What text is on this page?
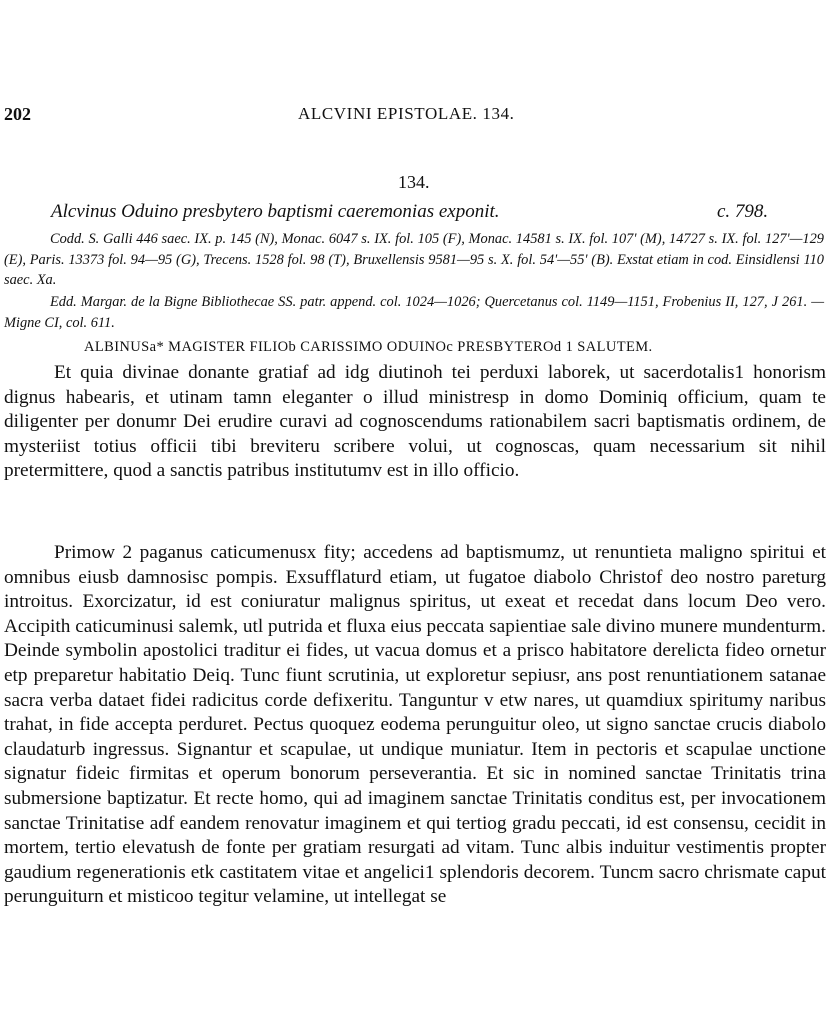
202	ALCVINI EPISTOLAE. 134.
134.
Alcvinus Oduino presbytero baptismi caeremonias exponit.	c. 798.
Codd. S. Galli 446 saec. IX. p. 145 (N), Monac. 6047 s. IX. fol. 105 (F), Monac. 14581 s. IX. fol. 107' (M), 14727 s. IX. fol. 127'—129 (E), Paris. 13373 fol. 94—95 (G), Trecens. 1528 fol. 98 (T), Bruxellensis 9581—95 s. X. fol. 54'—55' (B). Exstat etiam in cod. Einsidlensi 110 saec. Xa.
Edd. Margar. de la Bigne Bibliothecae SS. patr. append. col. 1024—1026; Quercetanus col. 1149—1151, Frobenius II, 127, J 261. — Migne CI, col. 611.
ALBINUSa* MAGISTER FILIOb CARISSIMO ODUINOc PRESBYTEROd 1 SALUTEM.
Et quia divinae donante gratiaf ad idg diutinoh tei perduxi laborek, ut sacerdotalis1 honorism dignus habearis, et utinam tamn eleganter o illud ministresp in domo Dominiq officium, quam te diligenter per donumr Dei erudire curavi ad cognoscendums rationabilem sacri baptismatis ordinem, de mysteriist totius officii tibi breviteru scribere volui, ut cognoscas, quam necessarium sit nihil pretermittere, quod a sanctis patribus institutumv est in illo officio.
Primow 2 paganus caticumenusx fity; accedens ad baptismumz, ut renuntieta maligno spiritui et omnibus eiusb damnosisc pompis. Exsufflaturd etiam, ut fugatoe diabolo Christof deo nostro pareturg introitus. Exorcizatur, id est coniuratur malignus spiritus, ut exeat et recedat dans locum Deo vero. Accipith caticuminusi salemk, utl putrida et fluxa eius peccata sapientiae sale divino munere mundenturm. Deinde symbolin apostolici traditur ei fides, ut vacua domus et a prisco habitatore derelicta fideo ornetur etp preparetur habitatio Deiq. Tunc fiunt scrutinia, ut exploretur sepiusr, ans post renuntiationem satanae sacra verba dataet fidei radicitus corde defixeritu. Tanguntur v etw nares, ut quamdiux spiritumy naribus trahat, in fide accepta perduret. Pectus quoquez eodema perunguitur oleo, ut signo sanctae crucis diabolo claudaturb ingressus. Signantur et scapulae, ut undique muniatur. Item in pectoris et scapulae unctione signatur fideic firmitas et operum bonorum perseverantia. Et sic in nomined sanctae Trinitatis trina submersione baptizatur. Et recte homo, qui ad imaginem sanctae Trinitatis conditus est, per invocationem sanctae Trinitatise adf eandem renovatur imaginem et qui tertiog gradu peccati, id est consensu, cecidit in mortem, tertio elevatush de fonte per gratiam resurgati ad vitam. Tunc albis induitur vestimentis propter gaudium regenerationis etk castitatem vitae et angelici1 splendoris decorem. Tuncm sacro chrismate caput perunguiturn et misticoo tegitur velamine, ut intellegat se
